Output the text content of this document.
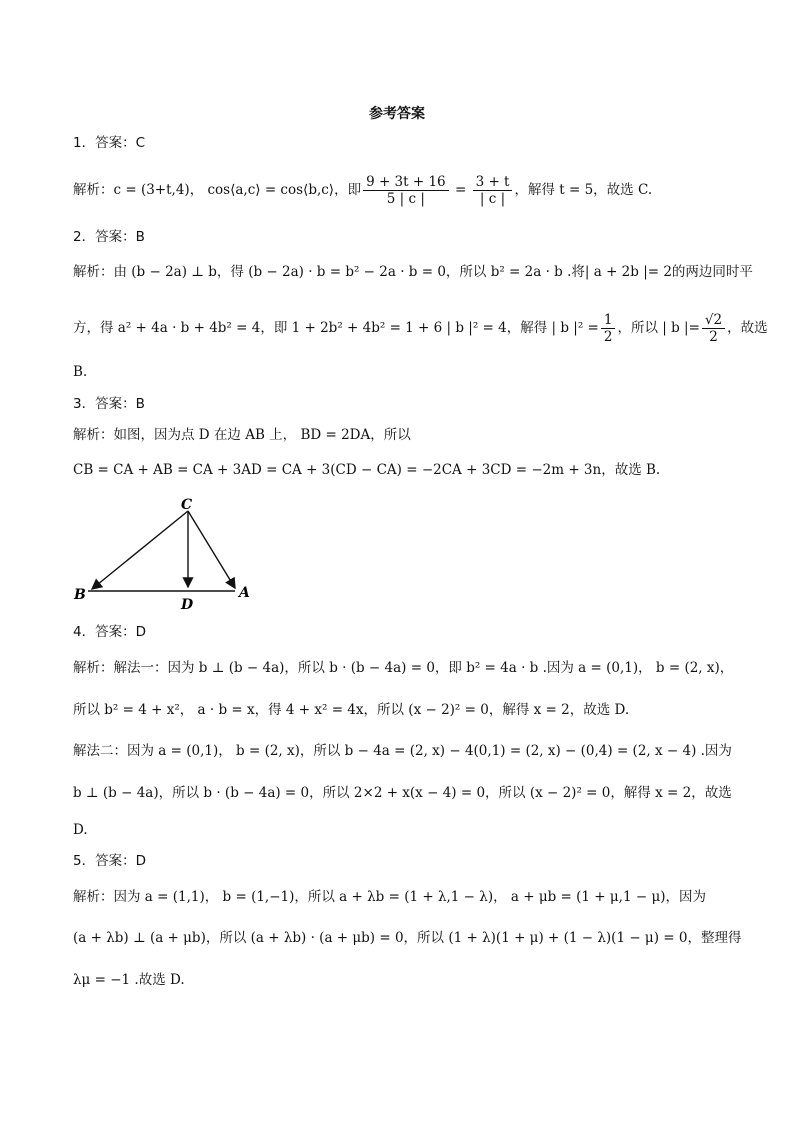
参考答案
1．答案：C
解析：c = (3+t,4)， cos⟨a,c⟩ = cos⟨b,c⟩，即 $\frac{9 + 3t + 16}{5 | c |} = \frac{3 + t}{| c |}$ ，解得 t = 5，故选 C.
2．答案：B
解析：由 (b − 2a) ⊥ b，得 (b − 2a) · b = b² − 2a · b = 0，所以 b² = 2a · b .将| a + 2b |= 2的两边同时平
方，得 a² + 4a · b + 4b² = 4，即 1 + 2b² + 4b² = 1 + 6 | b |² = 4，解得 | b $|^2 = \frac{1}{2}$ ，所以 | b |= $\frac{√2}{2}$ ，故选
B.
3．答案：B
解析：如图，因为点 D 在边 AB 上， BD = 2DA，所以
CB = CA + AB = CA + 3AD = CA + 3(CD − CA) = −2CA + 3CD = −2m + 3n，故选 B.
C
B
D
A
4．答案：D
解析：解法一：因为 b ⊥ (b − 4a)，所以 b · (b − 4a) = 0，即 b² = 4a · b .因为 a = (0,1)， b = (2, x)，
所以 b² = 4 + x²， a · b = x，得 4 + x² = 4x，所以 (x − 2)² = 0，解得 x = 2，故选 D.
解法二：因为 a = (0,1)， b = (2, x)，所以 b − 4a = (2, x) − 4(0,1) = (2, x) − (0,4) = (2, x − 4) .因为
b ⊥ (b − 4a)，所以 b · (b − 4a) = 0，所以 2×2 + x(x − 4) = 0，所以 (x − 2)² = 0，解得 x = 2，故选
D.
5．答案：D
解析：因为 a = (1,1)， b = (1,−1)，所以 a + λb = (1 + λ,1 − λ)， a + μb = (1 + μ,1 − μ)，因为
(a + λb) ⊥ (a + μb)，所以 (a + λb) · (a + μb) = 0，所以 (1 + λ)(1 + μ) + (1 − λ)(1 − μ) = 0，整理得
λμ = −1 .故选 D.
